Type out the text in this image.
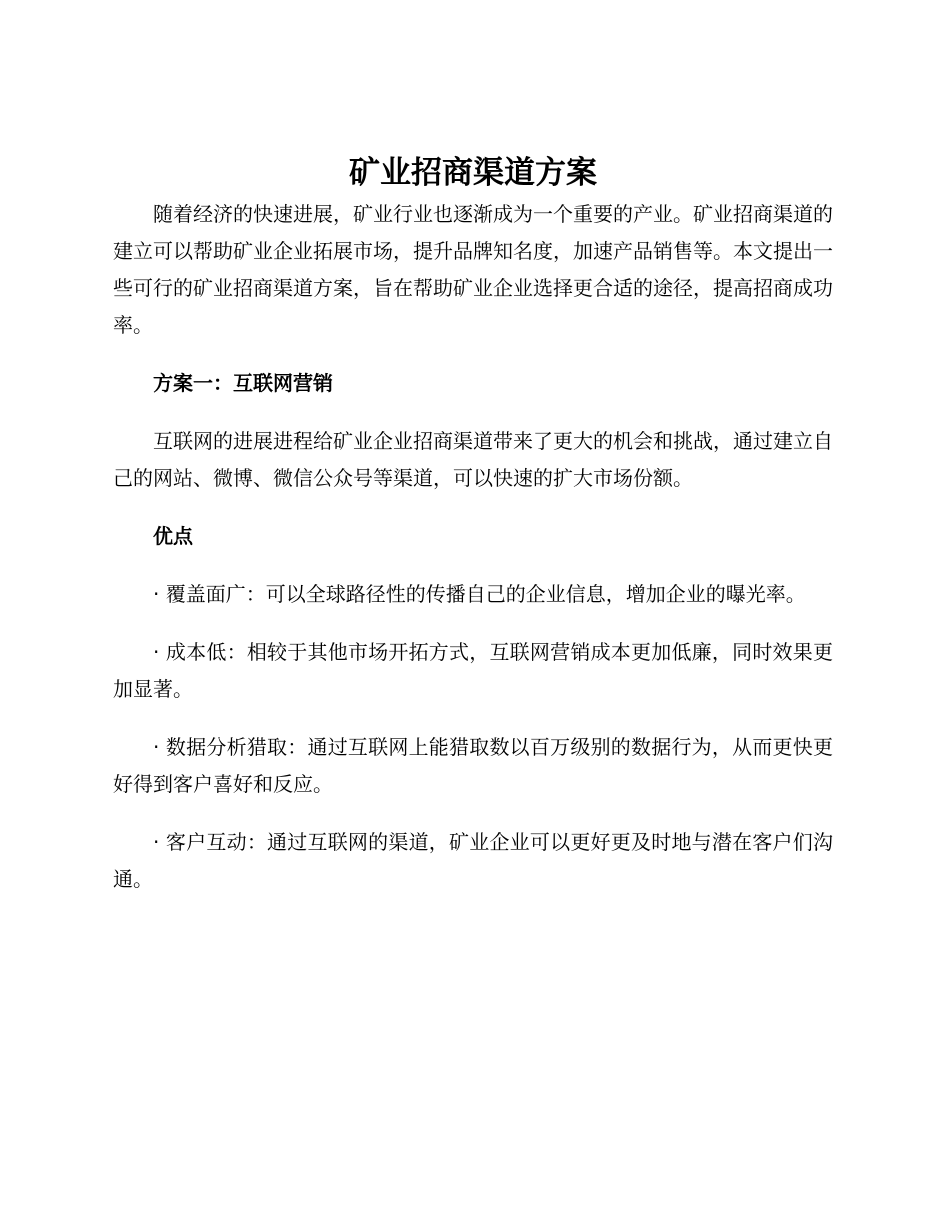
矿业招商渠道方案

随着经济的快速进展，矿业行业也逐渐成为一个重要的产业。矿业招商渠道的建立可以帮助矿业企业拓展市场，提升品牌知名度，加速产品销售等。本文提出一些可行的矿业招商渠道方案，旨在帮助矿业企业选择更合适的途径，提高招商成功率。

方案一：互联网营销

互联网的进展进程给矿业企业招商渠道带来了更大的机会和挑战，通过建立自己的网站、微博、微信公众号等渠道，可以快速的扩大市场份额。

优点

· 覆盖面广：可以全球路径性的传播自己的企业信息，增加企业的曝光率。

· 成本低：相较于其他市场开拓方式，互联网营销成本更加低廉，同时效果更加显著。

· 数据分析猎取：通过互联网上能猎取数以百万级别的数据行为，从而更快更好得到客户喜好和反应。

· 客户互动：通过互联网的渠道，矿业企业可以更好更及时地与潜在客户们沟通。
